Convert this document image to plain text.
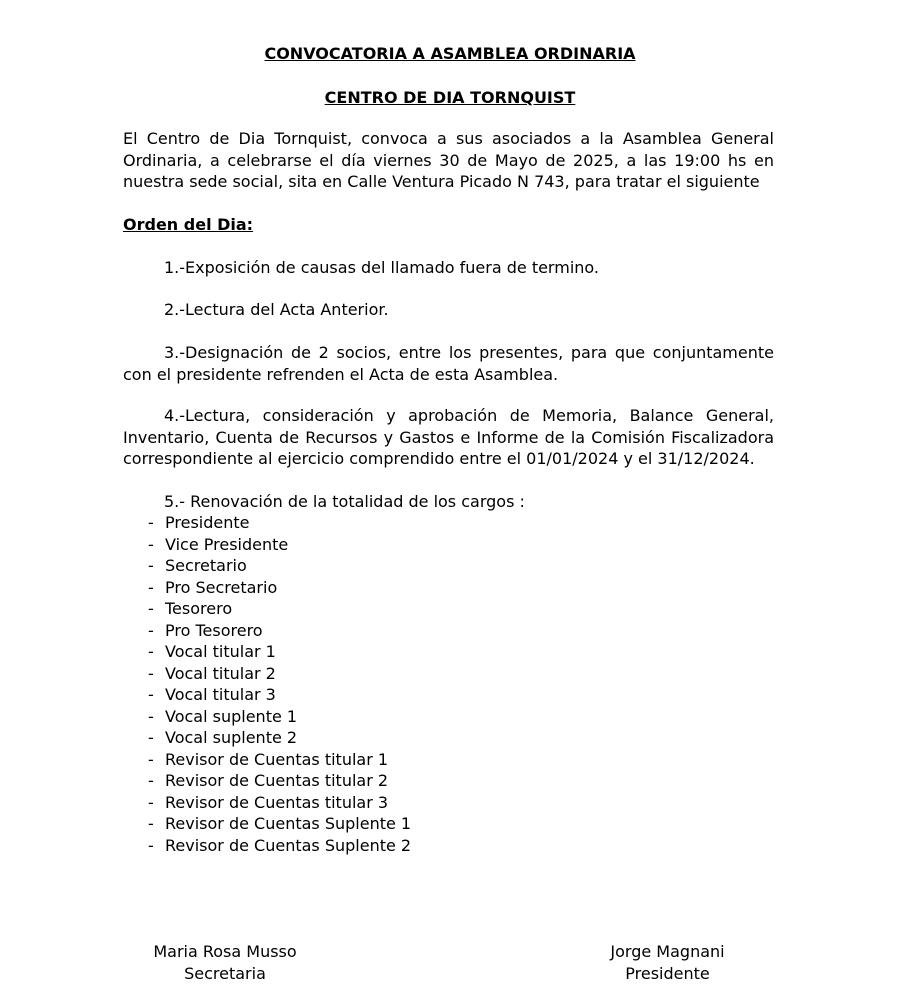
CONVOCATORIA A ASAMBLEA ORDINARIA
CENTRO DE DIA TORNQUIST

El Centro de Dia Tornquist, convoca a sus asociados a la Asamblea General Ordinaria, a celebrarse el día viernes 30 de Mayo de 2025, a las 19:00 hs en nuestra sede social, sita en Calle Ventura Picado N 743, para tratar el siguiente

Orden del Dia:

1.-Exposición de causas del llamado fuera de termino.

2.-Lectura del Acta Anterior.

3.-Designación de 2 socios, entre los presentes, para que conjuntamente con el presidente refrenden el Acta de esta Asamblea.

4.-Lectura, consideración y aprobación de Memoria, Balance General, Inventario, Cuenta de Recursos y Gastos e Informe de la Comisión Fiscalizadora correspondiente al ejercicio comprendido entre el 01/01/2024 y el 31/12/2024.

5.- Renovación de la totalidad de los cargos :

- Presidente
- Vice Presidente
- Secretario
- Pro Secretario
- Tesorero
- Pro Tesorero
- Vocal titular 1
- Vocal titular 2
- Vocal titular 3
- Vocal suplente 1
- Vocal suplente 2
- Revisor de Cuentas titular 1
- Revisor de Cuentas titular 2
- Revisor de Cuentas titular 3
- Revisor de Cuentas Suplente 1
- Revisor de Cuentas Suplente 2
Maria Rosa Musso
Secretaria
Jorge Magnani
Presidente
